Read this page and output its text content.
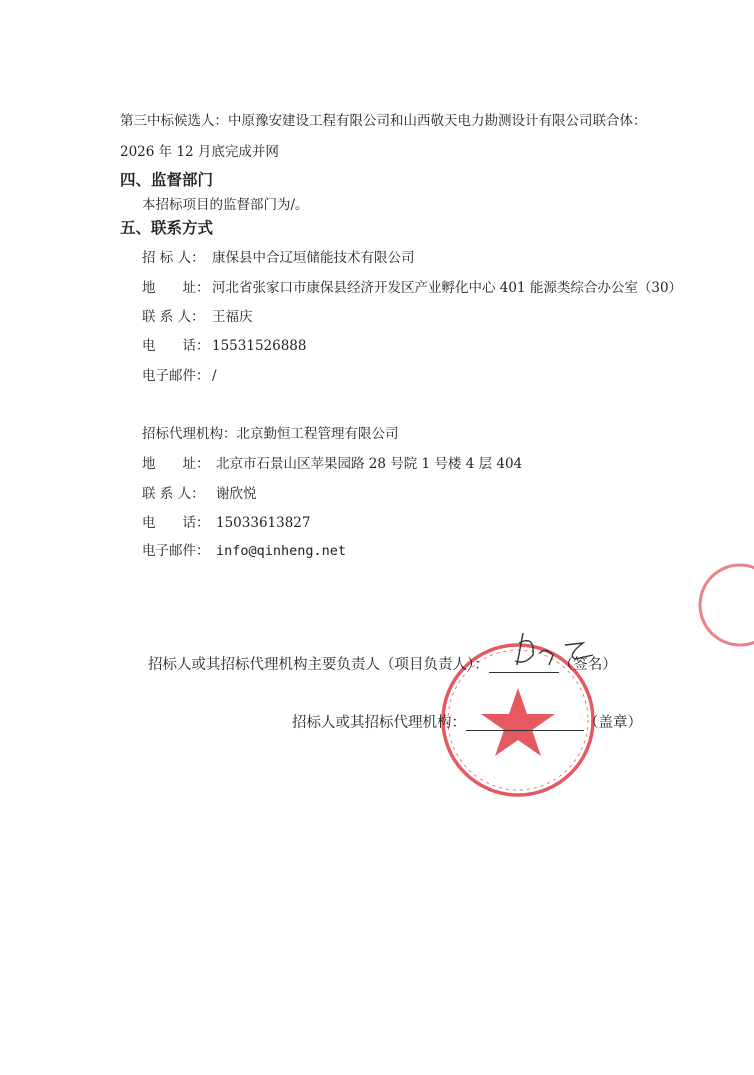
第三中标候选人：中原豫安建设工程有限公司和山西敬天电力勘测设计有限公司联合体：
2026 年 12 月底完成并网
四、监督部门
本招标项目的监督部门为/。
五、联系方式
招 标 人： 康保县中合辽垣储能技术有限公司
地　　址： 河北省张家口市康保县经济开发区产业孵化中心 401 能源类综合办公室（30）
联 系 人： 王福庆
电　　话： 15531526888
电子邮件： /
招标代理机构：北京勤恒工程管理有限公司
地　　址： 北京市石景山区苹果园路 28 号院 1 号楼 4 层 404
联 系 人： 谢欣悦
电　　话： 15033613827
电子邮件： info@qinheng.net
招标人或其招标代理机构主要负责人（项目负责人）：	（签名）
招标人或其招标代理机构：	（盖章）
